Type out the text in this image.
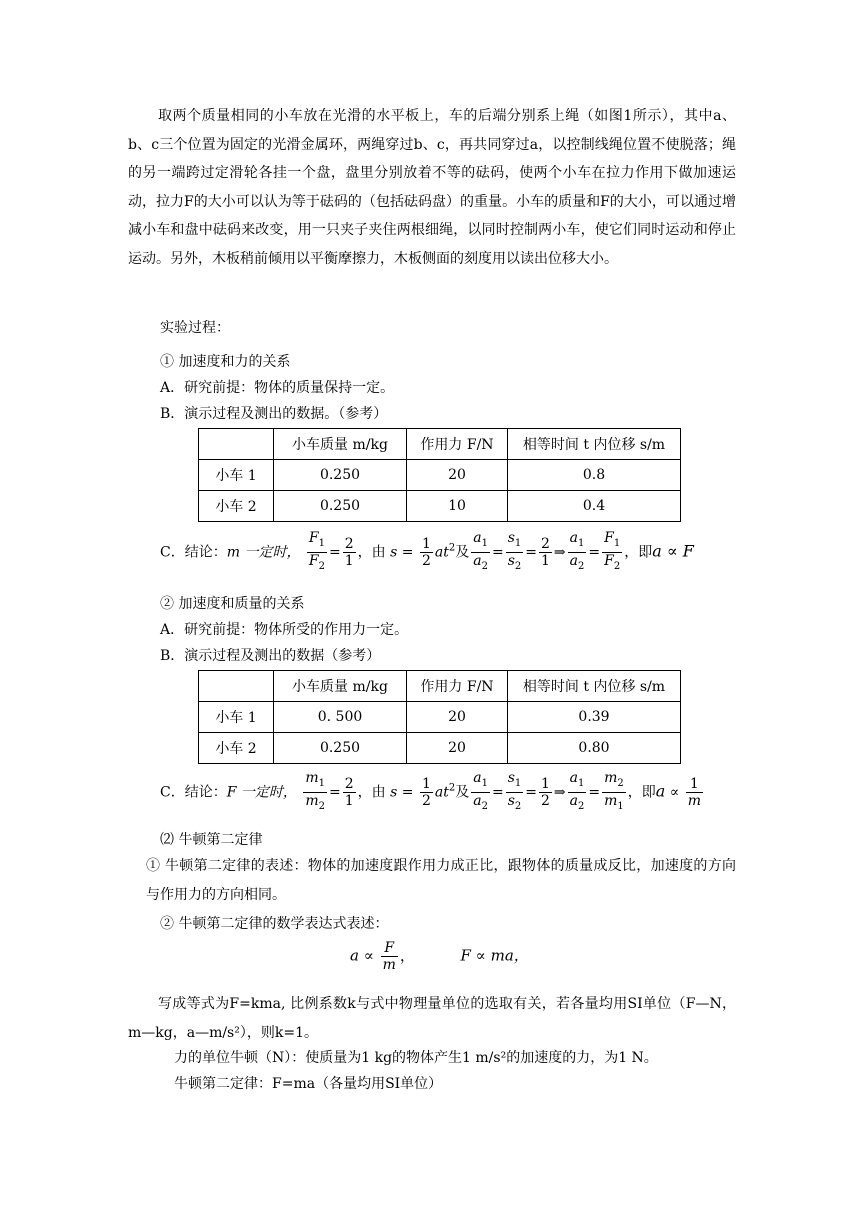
取两个质量相同的小车放在光滑的水平板上，车的后端分别系上绳（如图1所示），其中a、b、c三个位置为固定的光滑金属环，两绳穿过b、c，再共同穿过a，以控制线绳位置不使脱落；绳的另一端跨过定滑轮各挂一个盘，盘里分别放着不等的砝码，使两个小车在拉力作用下做加速运动，拉力F的大小可以认为等于砝码的（包括砝码盘）的重量。小车的质量和F的大小，可以通过增减小车和盘中砝码来改变，用一只夹子夹住两根细绳，以同时控制两小车，使它们同时运动和停止运动。另外，木板稍前倾用以平衡摩擦力，木板侧面的刻度用以读出位移大小。

实验过程：

① 加速度和力的关系

A．研究前提：物体的质量保持一定。

B．演示过程及测出的数据。（参考）

	小车质量 m/kg	作用力 F/N	相等时间 t 内位移 s/m
小车 1	0.250	20	0.8
小车 2	0.250	10	0.4
C．结论：m 一定时， $\frac{F_1}{F_2} = \frac{2}{1}$ ，由 $s = \frac{1}{2} at^2$及 $\frac{a_1}{a_2} = \frac{s_1}{s_2} = \frac{2}{1}$ ⇒ $\frac{a_1}{a_2} = \frac{F_1}{F_2}$ ，即a ∝ F

② 加速度和质量的关系

A．研究前提：物体所受的作用力一定。

B．演示过程及测出的数据（参考）

	小车质量 m/kg	作用力 F/N	相等时间 t 内位移 s/m
小车 1	0. 500	20	0.39
小车 2	0.250	20	0.80
C．结论：F 一定时， $\frac{m_1}{m_2} = \frac{2}{1}$ ，由 $s = \frac{1}{2} at^2$及 $\frac{a_1}{a_2} = \frac{s_1}{s_2} = \frac{1}{2}$ ⇒ $\frac{a_1}{a_2} = \frac{m_2}{m_1}$ ，即$a \propto \frac{1}{m}$

⑵ 牛顿第二定律

① 牛顿第二定律的表述：物体的加速度跟作用力成正比，跟物体的质量成反比，加速度的方向与作用力的方向相同。

② 牛顿第二定律的数学表达式表述：

$a \propto \frac{F}{m}$ ，	F ∝ ma，

写成等式为F=kma, 比例系数k与式中物理量单位的选取有关，若各量均用SI单位（F—N，m—kg，a—m/s²），则k=1。

力的单位牛顿（N）：使质量为1 kg的物体产生1 m/s²的加速度的力，为1 N。

牛顿第二定律：F=ma（各量均用SI单位）
